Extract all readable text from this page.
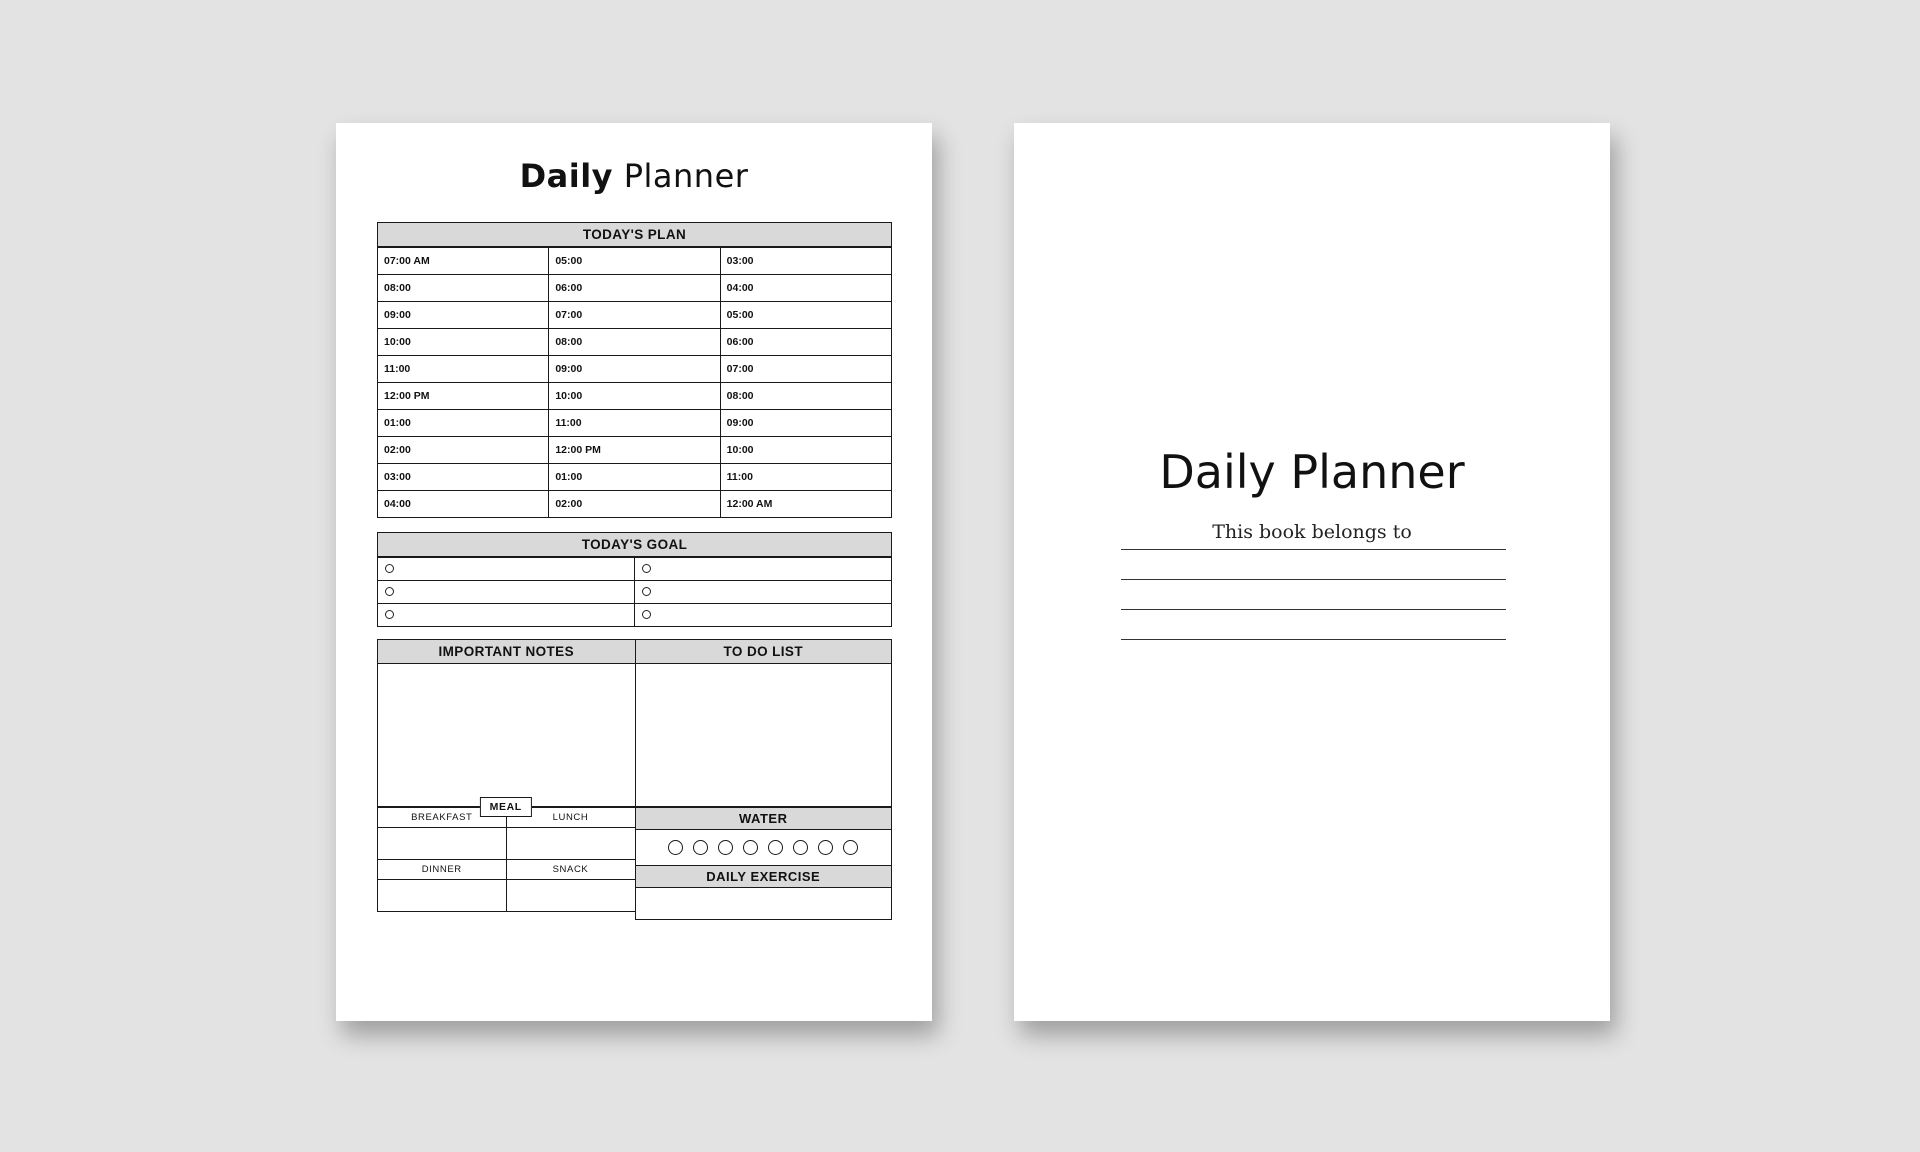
Daily Planner
TODAY'S PLAN
07:00 AM	05:00	03:00
08:00	06:00	04:00
09:00	07:00	05:00
10:00	08:00	06:00
11:00	09:00	07:00
12:00 PM	10:00	08:00
01:00	11:00	09:00
02:00	12:00 PM	10:00
03:00	01:00	11:00
04:00	02:00	12:00 AM
TODAY'S GOAL

IMPORTANT NOTES	TO DO LIST
MEAL
BREAKFAST	LUNCH

DINNER	SNACK

WATER
DAILY EXERCISE
Daily Planner
This book belongs to
